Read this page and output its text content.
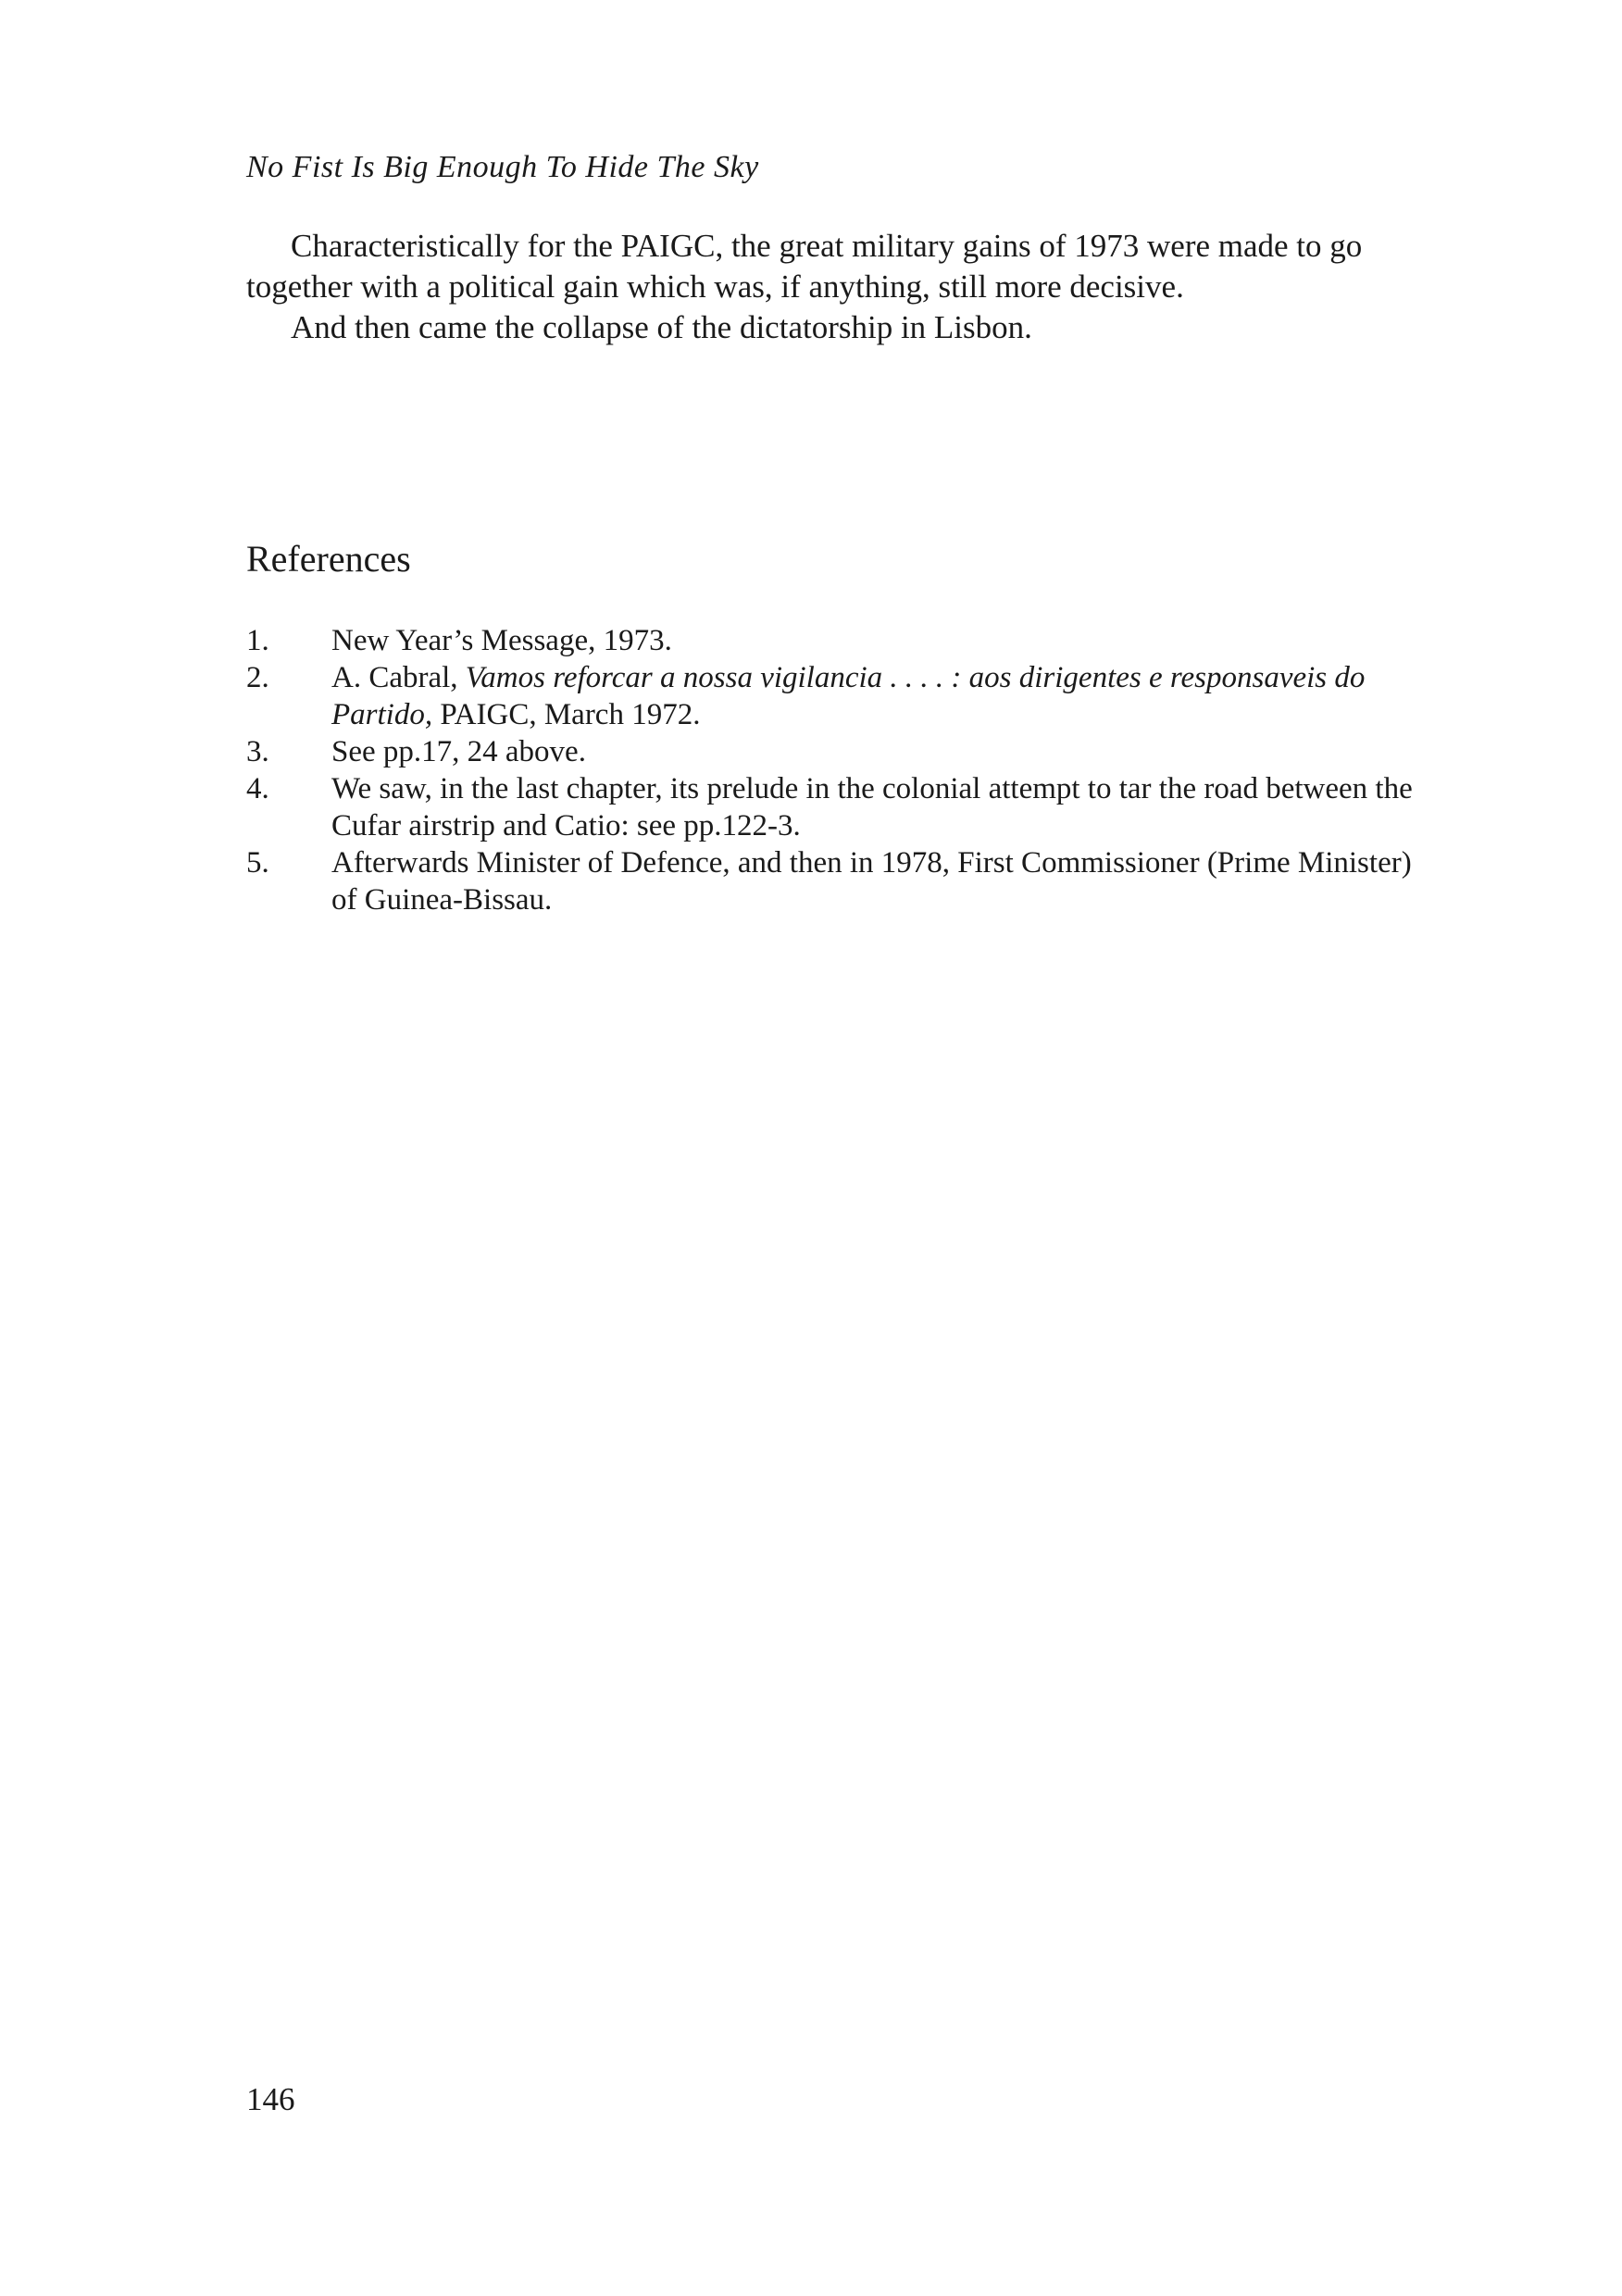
No Fist Is Big Enough To Hide The Sky

Characteristically for the PAIGC, the great military gains of 1973 were made to go together with a political gain which was, if anything, still more decisive.

And then came the collapse of the dictatorship in Lisbon.

References
1.	New Year’s Message, 1973.
2.	A. Cabral, Vamos reforcar a nossa vigilancia . . . . : aos dirigentes e responsaveis do Partido, PAIGC, March 1972.
3.	See pp.17, 24 above.
4.	We saw, in the last chapter, its prelude in the colonial attempt to tar the road between the Cufar airstrip and Catio: see pp.122-3.
5.	Afterwards Minister of Defence, and then in 1978, First Commissioner (Prime Minister) of Guinea-Bissau.
146
